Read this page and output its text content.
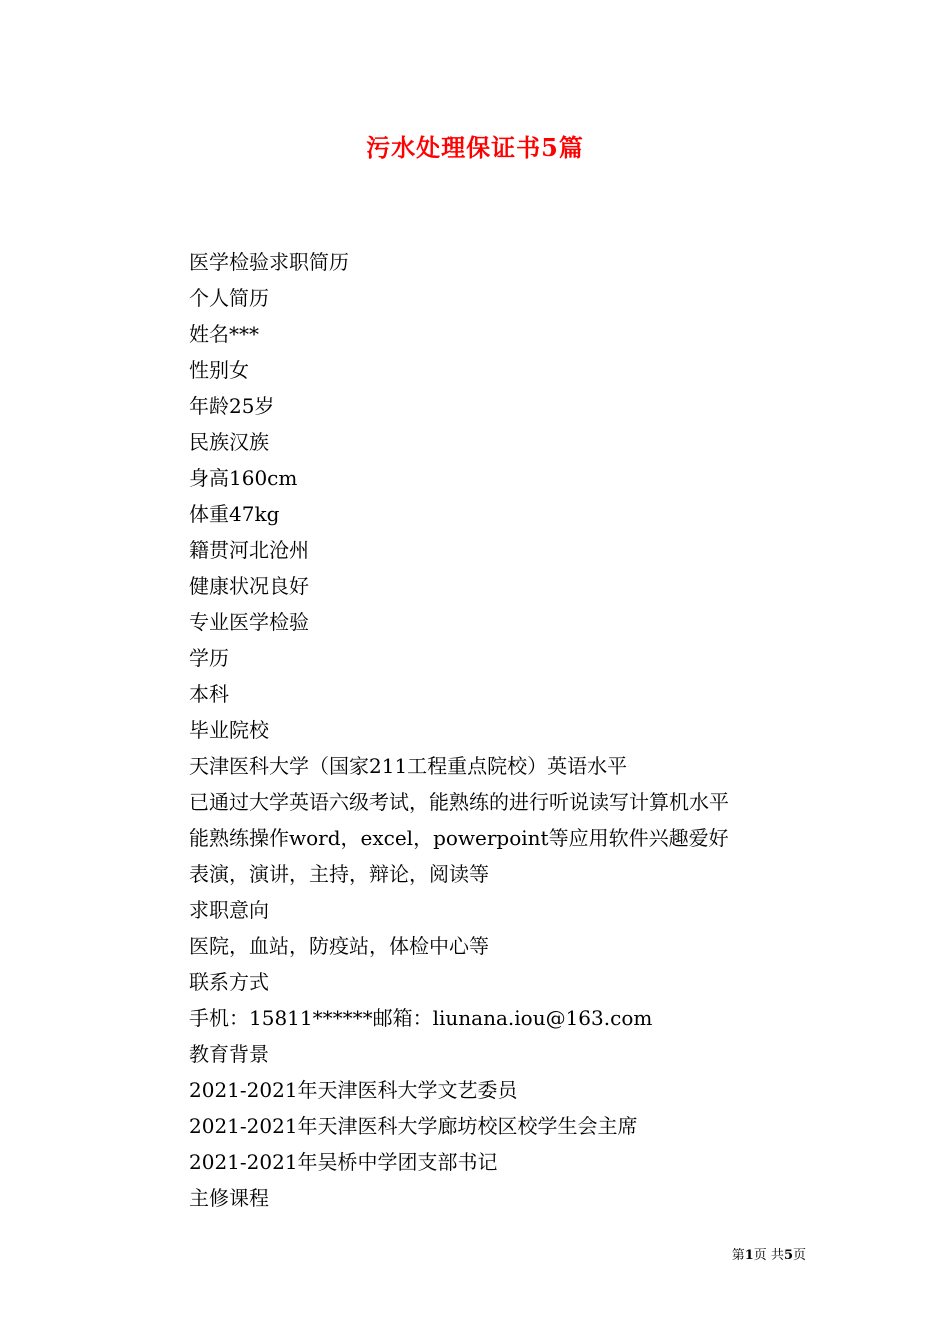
污水处理保证书5篇
医学检验求职简历
个人简历
姓名***
性别女
年龄25岁
民族汉族
身高160cm
体重47kg
籍贯河北沧州
健康状况良好
专业医学检验
学历
本科
毕业院校
天津医科大学（国家211工程重点院校）英语水平
已通过大学英语六级考试，能熟练的进行听说读写计算机水平
能熟练操作word，excel，powerpoint等应用软件兴趣爱好
表演，演讲，主持，辩论，阅读等
求职意向
医院，血站，防疫站，体检中心等
联系方式
手机：15811******邮箱：liunana.iou@163.com
教育背景
2021-2021年天津医科大学文艺委员
2021-2021年天津医科大学廊坊校区校学生会主席
2021-2021年吴桥中学团支部书记
主修课程
第1页 共5页
